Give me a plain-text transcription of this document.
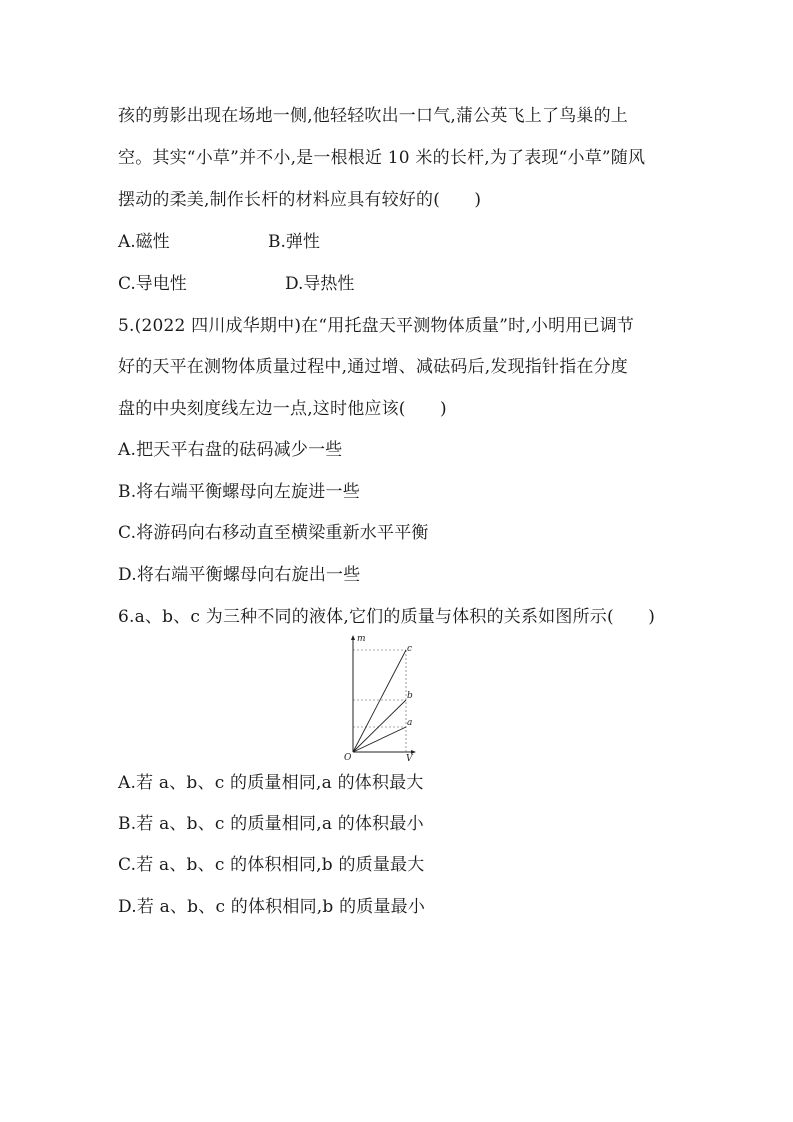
孩的剪影出现在场地一侧,他轻轻吹出一口气,蒲公英飞上了鸟巢的上
空。其实“小草”并不小,是一根根近 10 米的长杆,为了表现“小草”随风
摆动的柔美,制作长杆的材料应具有较好的(　　)
A.磁性	B.弹性
C.导电性	D.导热性
5.(2022 四川成华期中)在“用托盘天平测物体质量”时,小明用已调节
好的天平在测物体质量过程中,通过增、减砝码后,发现指针指在分度
盘的中央刻度线左边一点,这时他应该(　　)
A.把天平右盘的砝码减少一些
B.将右端平衡螺母向左旋进一些
C.将游码向右移动直至横梁重新水平平衡
D.将右端平衡螺母向右旋出一些
6.a、b、c 为三种不同的液体,它们的质量与体积的关系如图所示(　　)
m
V
O
c
b
a
A.若 a、b、c 的质量相同,a 的体积最大
B.若 a、b、c 的质量相同,a 的体积最小
C.若 a、b、c 的体积相同,b 的质量最大
D.若 a、b、c 的体积相同,b 的质量最小
